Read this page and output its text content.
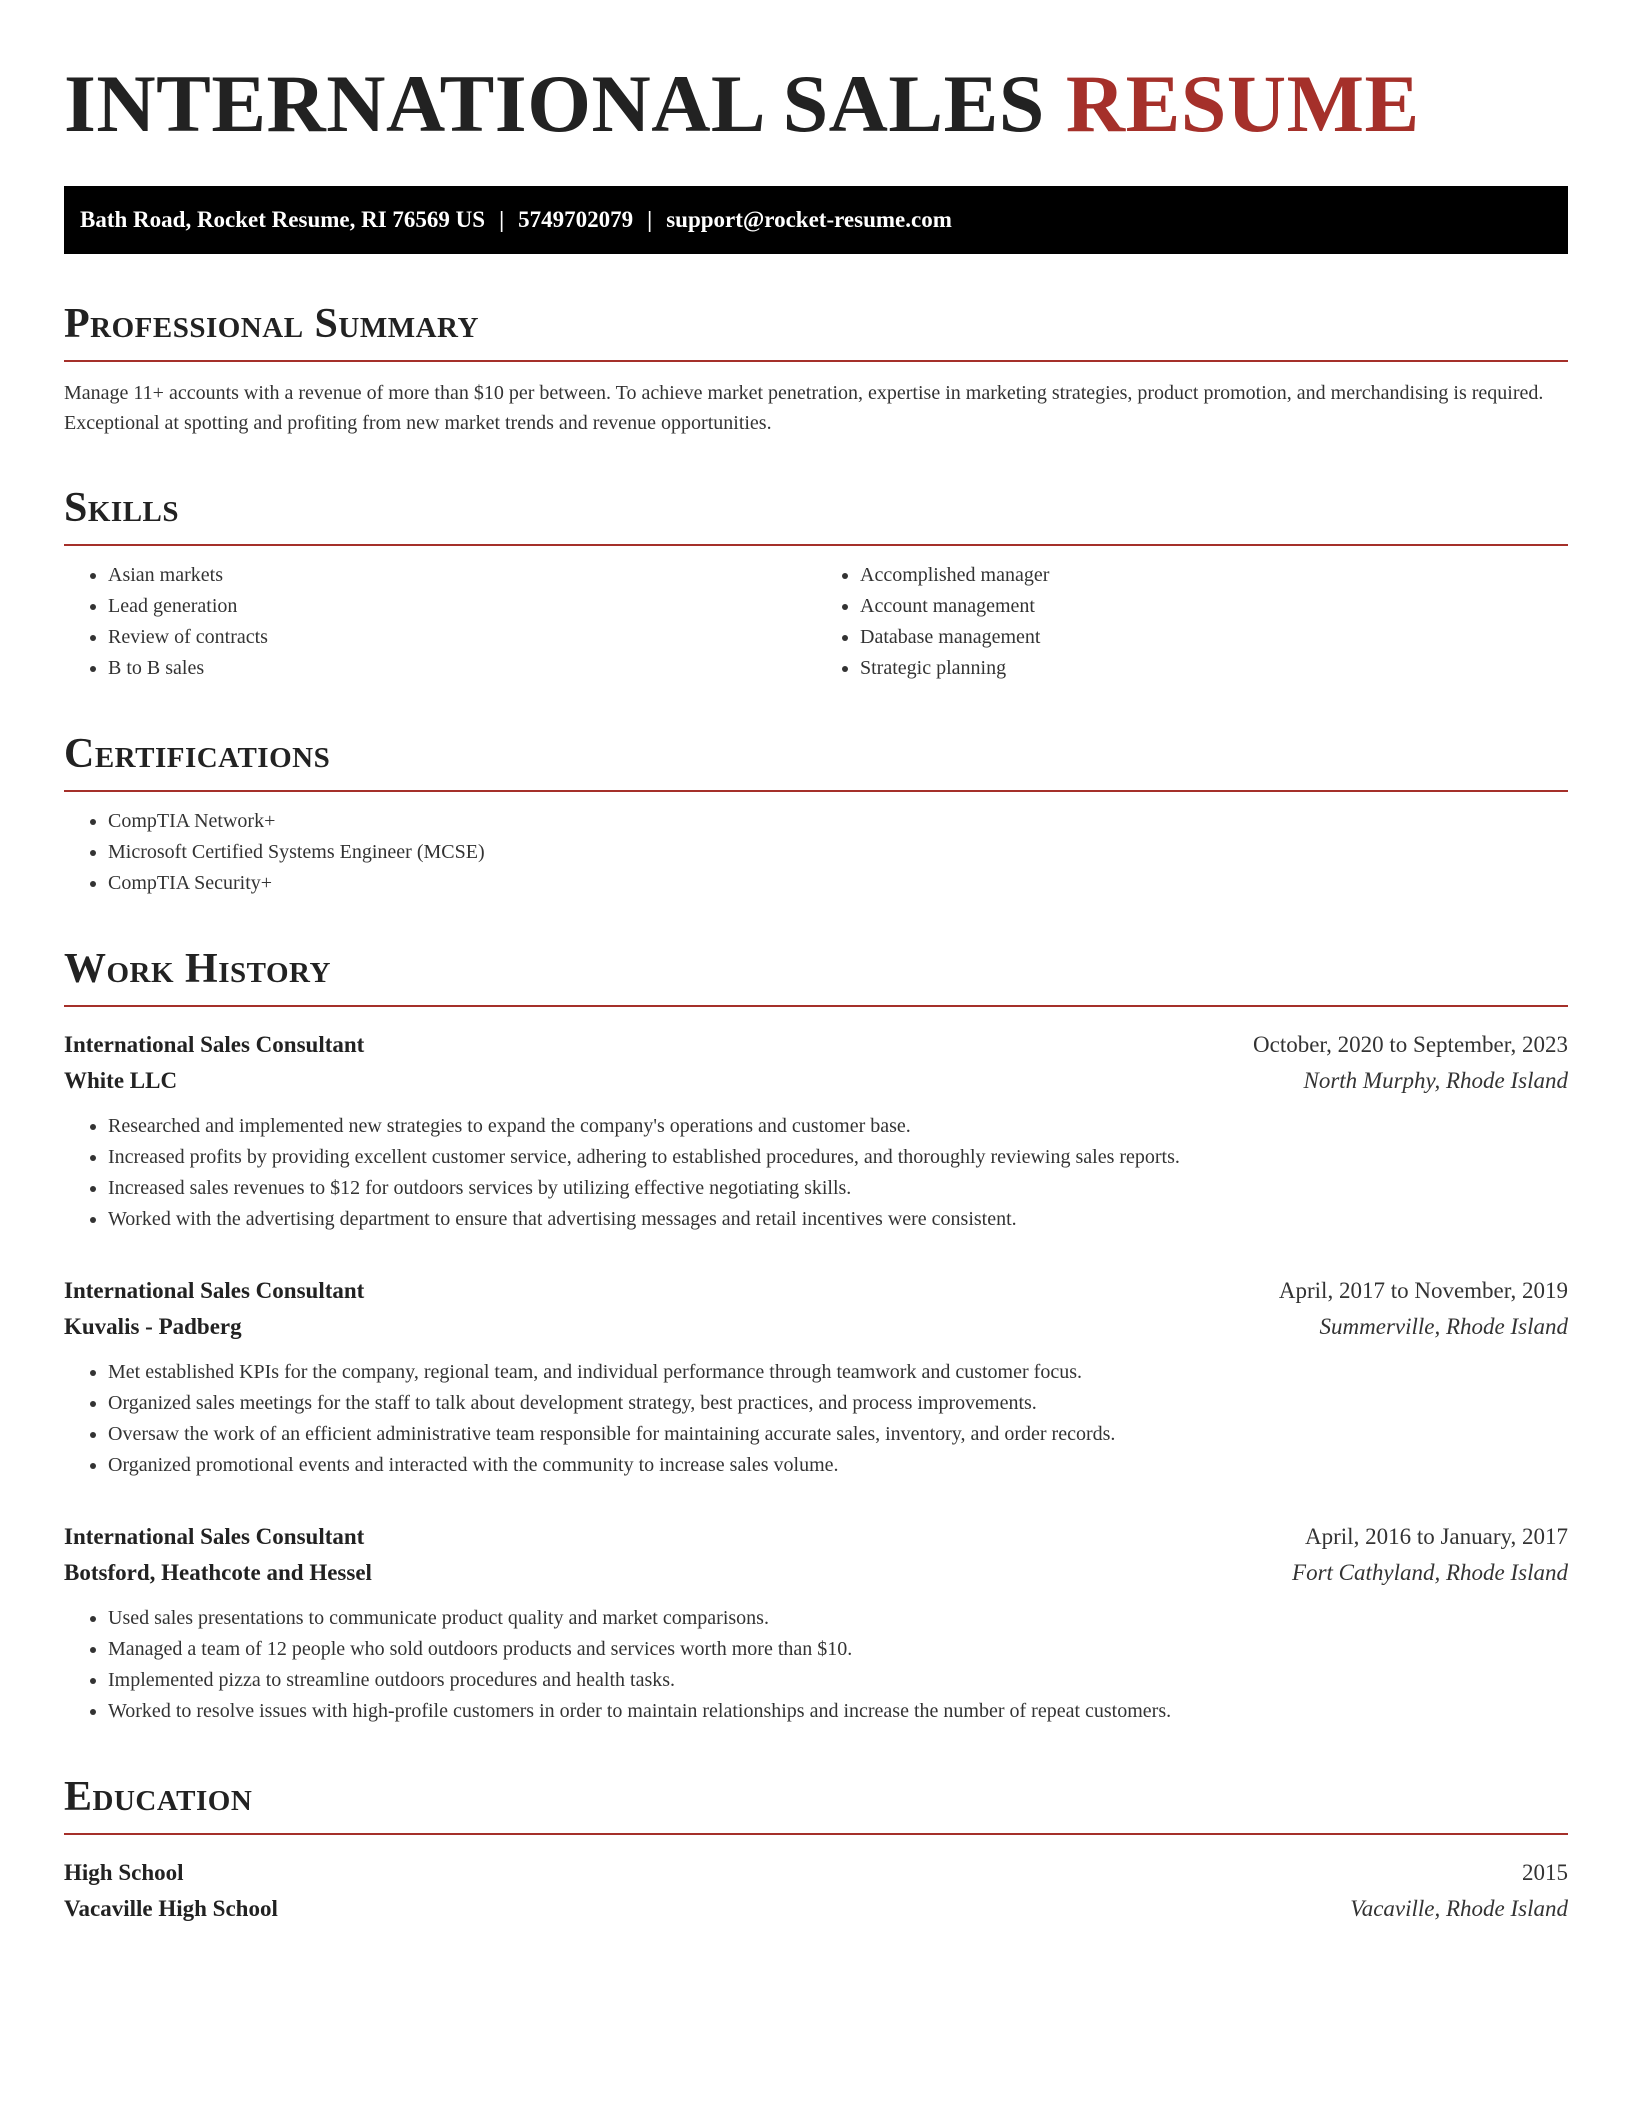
INTERNATIONAL SALES RESUME
Bath Road, Rocket Resume, RI 76569 US | 5749702079 | support@rocket-resume.com
Professional Summary
Manage 11+ accounts with a revenue of more than $10 per between. To achieve market penetration, expertise in marketing strategies, product promotion, and merchandising is required. Exceptional at spotting and profiting from new market trends and revenue opportunities.
Skills
• Asian markets
• Lead generation
• Review of contracts
• B to B sales
• Accomplished manager
• Account management
• Database management
• Strategic planning
Certifications
• CompTIA Network+
• Microsoft Certified Systems Engineer (MCSE)
• CompTIA Security+
Work History
International Sales Consultant	October, 2020 to September, 2023
White LLC	North Murphy, Rhode Island
• Researched and implemented new strategies to expand the company's operations and customer base.
• Increased profits by providing excellent customer service, adhering to established procedures, and thoroughly reviewing sales reports.
• Increased sales revenues to $12 for outdoors services by utilizing effective negotiating skills.
• Worked with the advertising department to ensure that advertising messages and retail incentives were consistent.
International Sales Consultant	April, 2017 to November, 2019
Kuvalis - Padberg	Summerville, Rhode Island
• Met established KPIs for the company, regional team, and individual performance through teamwork and customer focus.
• Organized sales meetings for the staff to talk about development strategy, best practices, and process improvements.
• Oversaw the work of an efficient administrative team responsible for maintaining accurate sales, inventory, and order records.
• Organized promotional events and interacted with the community to increase sales volume.
International Sales Consultant	April, 2016 to January, 2017
Botsford, Heathcote and Hessel	Fort Cathyland, Rhode Island
• Used sales presentations to communicate product quality and market comparisons.
• Managed a team of 12 people who sold outdoors products and services worth more than $10.
• Implemented pizza to streamline outdoors procedures and health tasks.
• Worked to resolve issues with high-profile customers in order to maintain relationships and increase the number of repeat customers.
Education
High School	2015
Vacaville High School	Vacaville, Rhode Island
